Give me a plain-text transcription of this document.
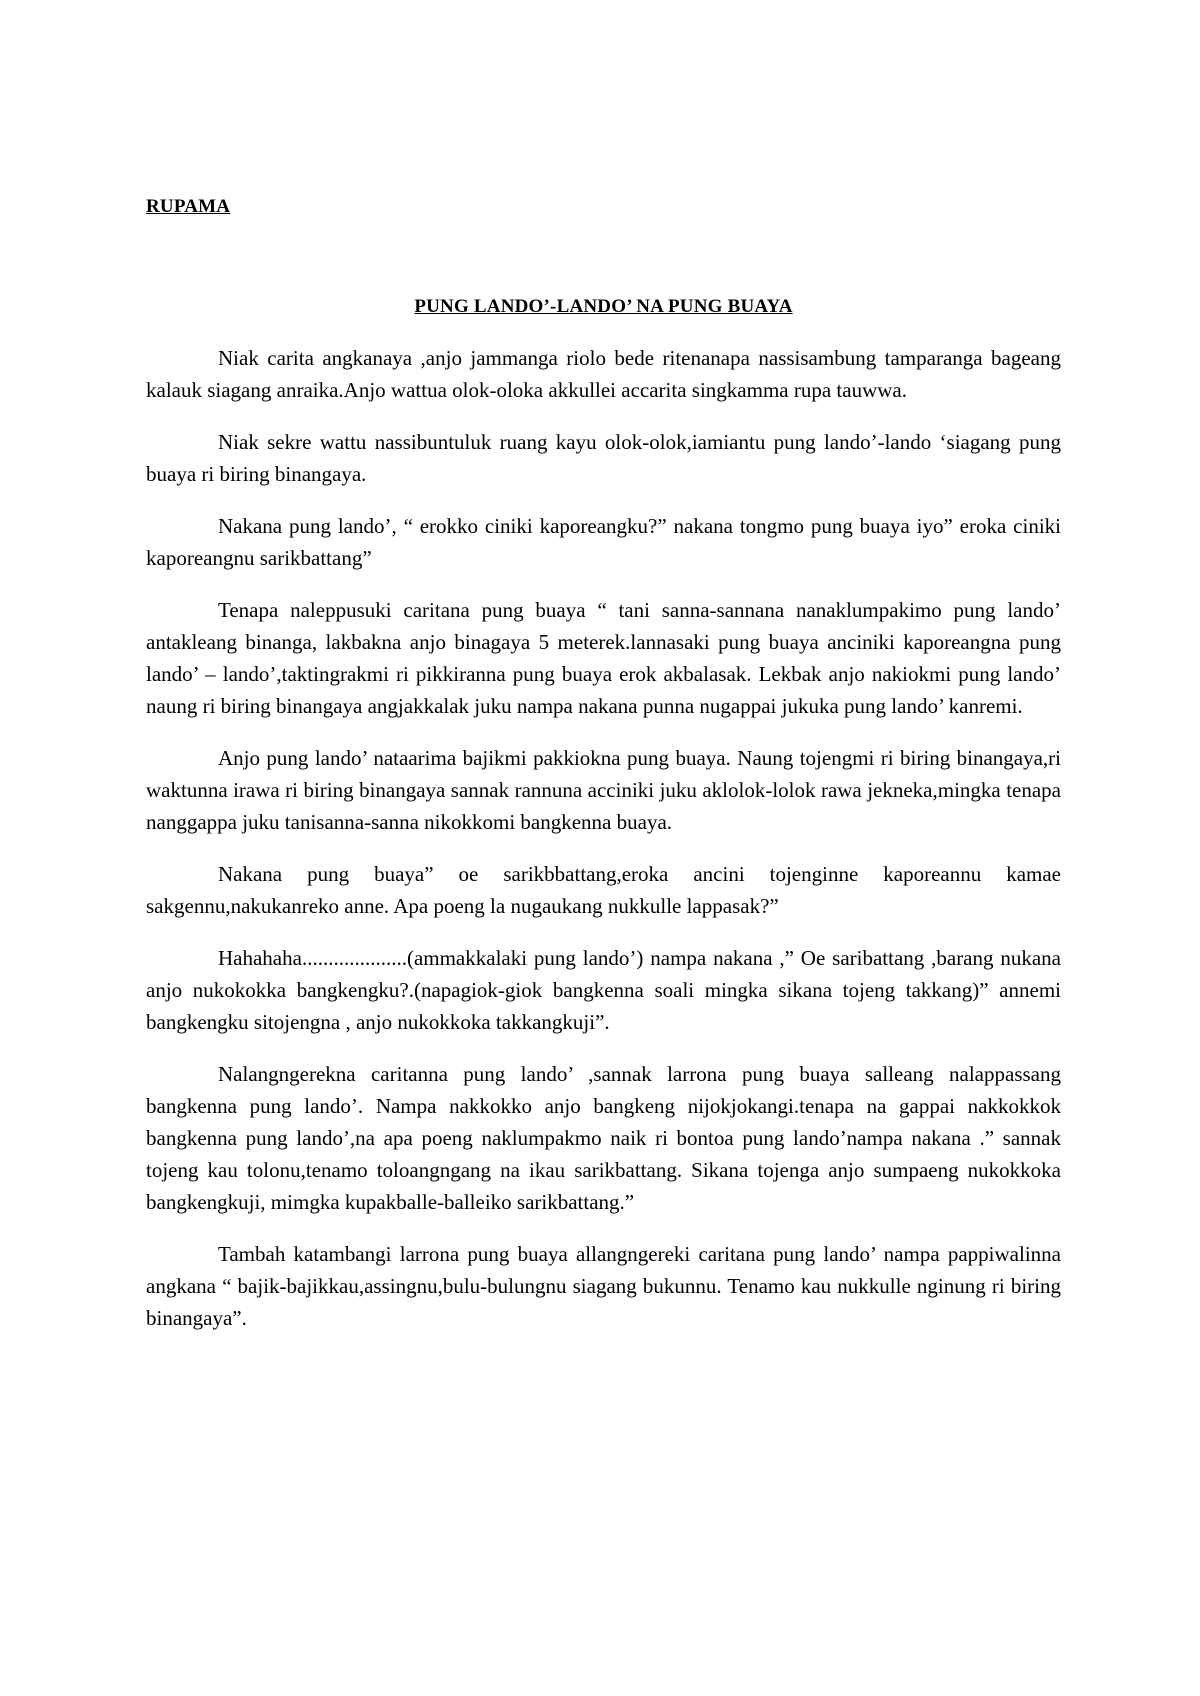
RUPAMA
PUNG LANDO’-LANDO’ NA PUNG BUAYA

Niak carita angkanaya ,anjo jammanga riolo bede ritenanapa nassisambung tamparanga bageang kalauk siagang anraika.Anjo wattua olok-oloka akkullei accarita singkamma rupa tauwwa.

Niak sekre wattu nassibuntuluk ruang kayu olok-olok,iamiantu pung lando’-lando ‘siagang pung buaya ri biring binangaya.

Nakana pung lando’, “ erokko ciniki kaporeangku?” nakana tongmo pung buaya iyo” eroka ciniki kaporeangnu sarikbattang”

Tenapa naleppusuki caritana pung buaya “ tani sanna-sannana nanaklumpakimo pung lando’ antakleang binanga, lakbakna anjo binagaya 5 meterek.lannasaki pung buaya anciniki kaporeangna pung lando’ – lando’,taktingrakmi ri pikkiranna pung buaya erok akbalasak. Lekbak anjo nakiokmi pung lando’ naung ri biring binangaya angjakkalak juku nampa nakana punna nugappai jukuka pung lando’ kanremi.

Anjo pung lando’ nataarima bajikmi pakkiokna pung buaya. Naung tojengmi ri biring binangaya,ri waktunna irawa ri biring binangaya sannak rannuna acciniki juku aklolok-lolok rawa jekneka,mingka tenapa nanggappa juku tanisanna-sanna nikokkomi bangkenna buaya.

Nakana pung buaya” oe sarikbbattang,eroka ancini tojenginne kaporeannu kamae sakgennu,nakukanreko anne. Apa poeng la nugaukang nukkulle lappasak?”

Hahahaha....................(ammakkalaki pung lando’) nampa nakana ,” Oe saribattang ,barang nukana anjo nukokokka bangkengku?.(napagiok-giok bangkenna soali mingka sikana tojeng takkang)” annemi bangkengku sitojengna , anjo nukokkoka takkangkuji”.

Nalangngerekna caritanna pung lando’ ,sannak larrona pung buaya salleang nalappassang bangkenna pung lando’. Nampa nakkokko anjo bangkeng nijokjokangi.tenapa na gappai nakkokkok bangkenna pung lando’,na apa poeng naklumpakmo naik ri bontoa pung lando’nampa nakana .” sannak tojeng kau tolonu,tenamo toloangngang na ikau sarikbattang. Sikana tojenga anjo sumpaeng nukokkoka bangkengkuji, mimgka kupakballe-balleiko sarikbattang.”

Tambah katambangi larrona pung buaya allangngereki caritana pung lando’ nampa pappiwalinna angkana “ bajik-bajikkau,assingnu,bulu-bulungnu siagang bukunnu. Tenamo kau nukkulle nginung ri biring binangaya”.
